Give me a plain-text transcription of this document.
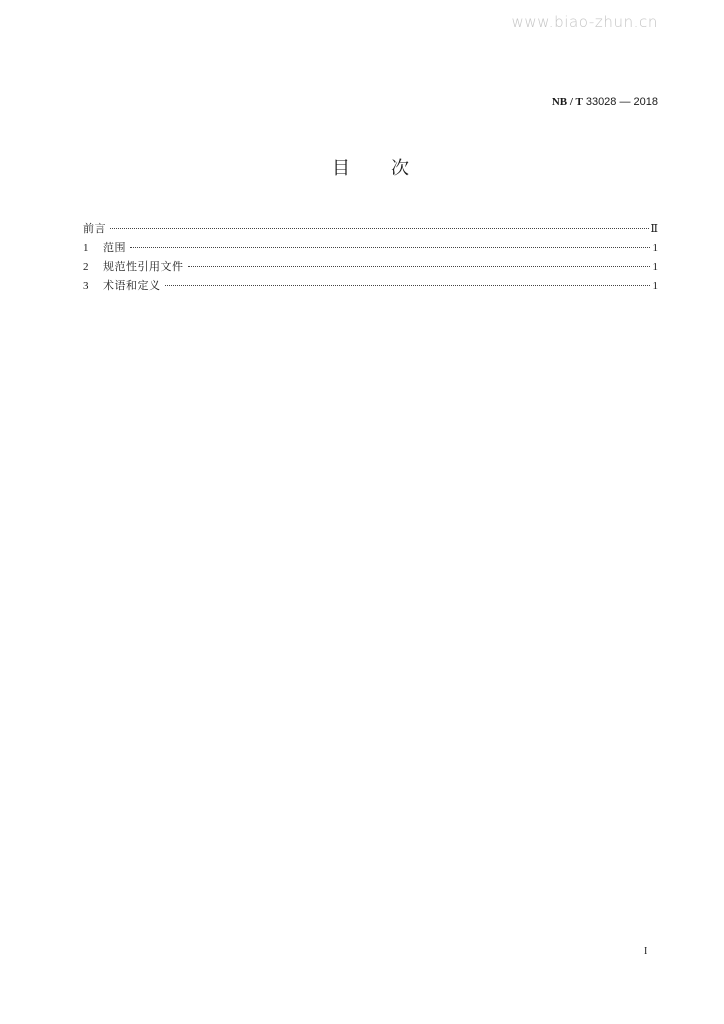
www.biao-zhun.cn
NB / T 33028 — 2018
目 次
前言	Ⅱ
1	范围	1
2	规范性引用文件	1
3	术语和定义	1
I
